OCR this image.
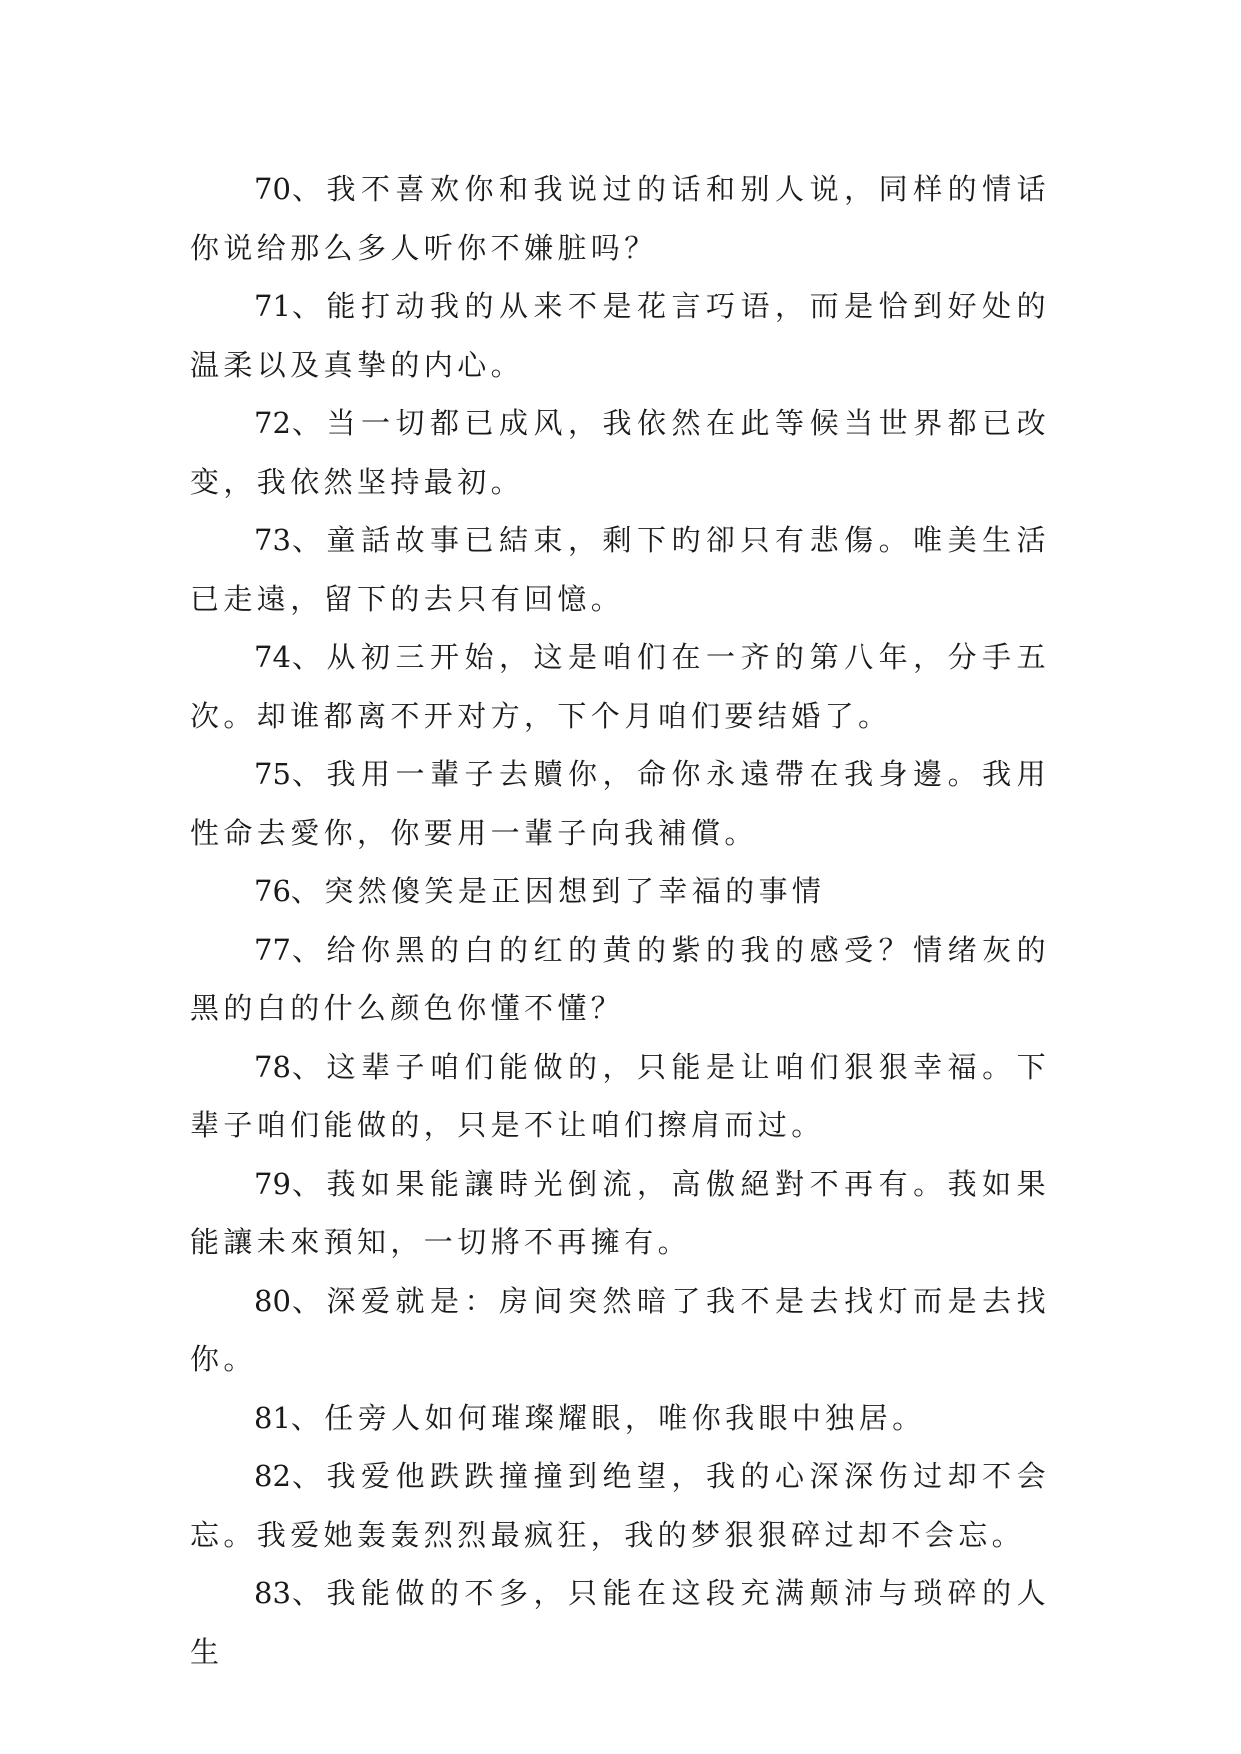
70、我不喜欢你和我说过的话和别人说，同样的情话你说给那么多人听你不嫌脏吗？

71、能打动我的从来不是花言巧语，而是恰到好处的温柔以及真挚的内心。

72、当一切都已成风，我依然在此等候当世界都已改变，我依然坚持最初。

73、童話故事已結束，剩下旳卻只有悲傷。唯美生活已走遠，留下的去只有回憶。

74、从初三开始，这是咱们在一齐的第八年，分手五次。却谁都离不开对方，下个月咱们要结婚了。

75、我用一輩子去贖你，命你永遠帶在我身邊。我用性命去愛你，你要用一輩子向我補償。

76、突然傻笑是正因想到了幸福的事情

77、给你黑的白的红的黄的紫的我的感受？情绪灰的黑的白的什么颜色你懂不懂？

78、这辈子咱们能做的，只能是让咱们狠狠幸福。下辈子咱们能做的，只是不让咱们擦肩而过。

79、莪如果能讓時光倒流，高傲絕對不再有。莪如果能讓未來預知，一切將不再擁有。

80、深爱就是：房间突然暗了我不是去找灯而是去找你。

81、任旁人如何璀璨耀眼，唯你我眼中独居。

82、我爱他跌跌撞撞到绝望，我的心深深伤过却不会忘。我爱她轰轰烈烈最疯狂，我的梦狠狠碎过却不会忘。

83、我能做的不多，只能在这段充满颠沛与琐碎的人生
